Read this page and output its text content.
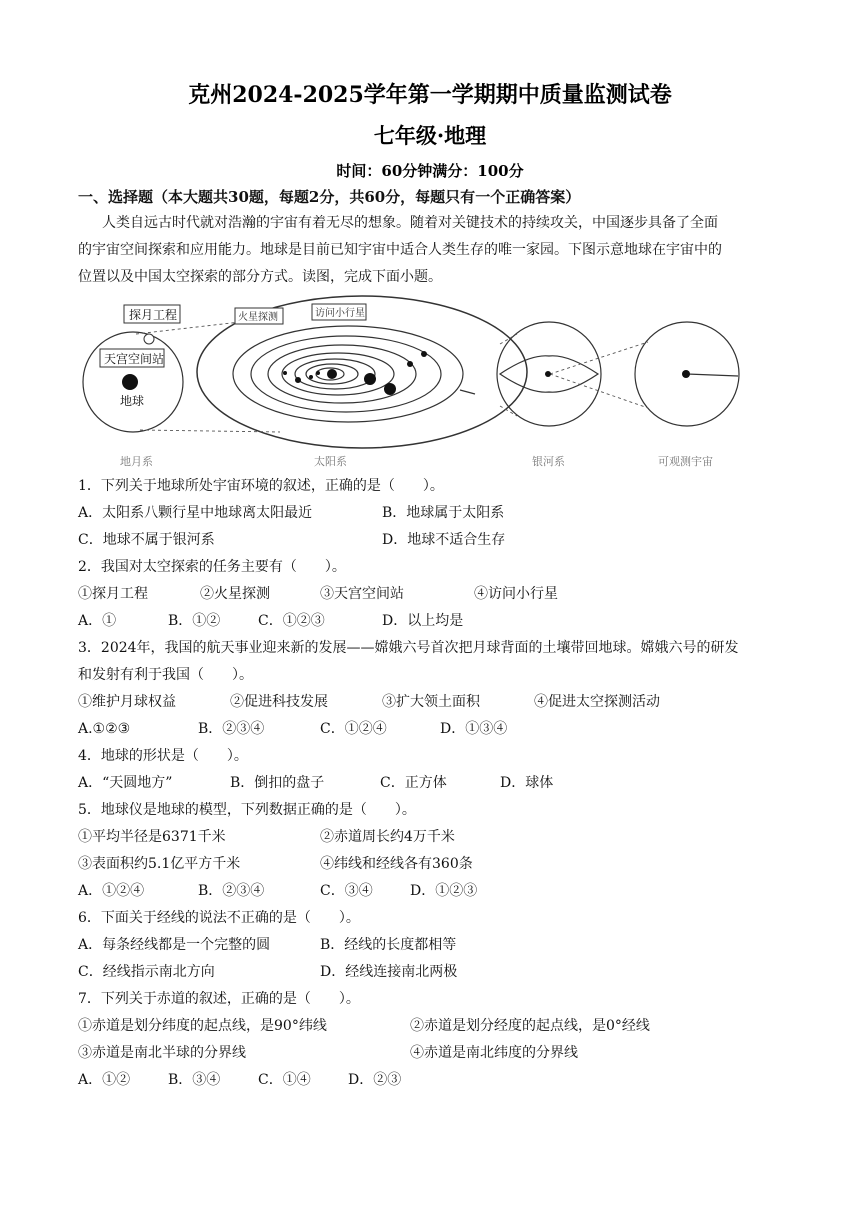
克州2024-2025学年第一学期期中质量监测试卷
七年级·地理
时间：60分钟满分：100分
一、选择题（本大题共30题，每题2分，共60分，每题只有一个正确答案）
人类自远古时代就对浩瀚的宇宙有着无尽的想象。随着对关键技术的持续攻关，中国逐步具备了全面
的宇宙空间探索和应用能力。地球是目前已知宇宙中适合人类生存的唯一家园。下图示意地球在宇宙中的
位置以及中国太空探索的部分方式。读图，完成下面小题。
探月工程
天宫空间站
地球
火星探测	访问小行星
地月系	太阳系	银河系	可观测宇宙
1．下列关于地球所处宇宙环境的叙述，正确的是（　　）。
A．太阳系八颗行星中地球离太阳最近	B．地球属于太阳系
C．地球不属于银河系	D．地球不适合生存
2．我国对太空探索的任务主要有（　　）。
①探月工程	②火星探测	③天宫空间站	④访问小行星
A．①	B．①②	C．①②③	D．以上均是
3．2024年，我国的航天事业迎来新的发展——嫦娥六号首次把月球背面的土壤带回地球。嫦娥六号的研发
和发射有利于我国（　　）。
①维护月球权益	②促进科技发展	③扩大领土面积	④促进太空探测活动
A.①②③	B．②③④	C．①②④	D．①③④
4．地球的形状是（　　）。
A．“天圆地方”	B．倒扣的盘子	C．正方体	D．球体
5．地球仪是地球的模型，下列数据正确的是（　　）。
①平均半径是6371千米	②赤道周长约4万千米
③表面积约5.1亿平方千米	④纬线和经线各有360条
A．①②④	B．②③④	C．③④	D．①②③
6．下面关于经线的说法不正确的是（　　）。
A．每条经线都是一个完整的圆	B．经线的长度都相等
C．经线指示南北方向	D．经线连接南北两极
7．下列关于赤道的叙述，正确的是（　　）。
①赤道是划分纬度的起点线，是90°纬线	②赤道是划分经度的起点线，是0°经线
③赤道是南北半球的分界线	④赤道是南北纬度的分界线
A．①②	B．③④	C．①④	D．②③
